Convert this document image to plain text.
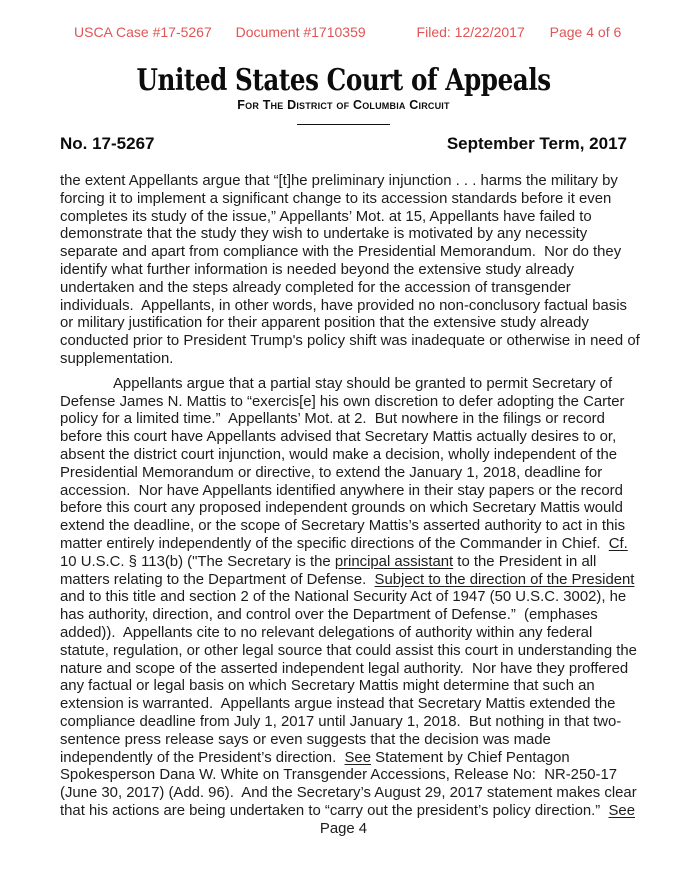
USCA Case #17-5267 Document #1710359	Filed: 12/22/2017 Page 4 of 6
United States Court of Appeals
For The District of Columbia Circuit
No. 17-5267	September Term, 2017
the extent Appellants argue that “[t]he preliminary injunction . . . harms the military by
forcing it to implement a significant change to its accession standards before it even
completes its study of the issue,” Appellants’ Mot. at 15, Appellants have failed to
demonstrate that the study they wish to undertake is motivated by any necessity
separate and apart from compliance with the Presidential Memorandum.  Nor do they
identify what further information is needed beyond the extensive study already
undertaken and the steps already completed for the accession of transgender
individuals.  Appellants, in other words, have provided no non-conclusory factual basis
or military justification for their apparent position that the extensive study already
conducted prior to President Trump's policy shift was inadequate or otherwise in need of
supplementation.
Appellants argue that a partial stay should be granted to permit Secretary of
Defense James N. Mattis to “exercis[e] his own discretion to defer adopting the Carter
policy for a limited time.”  Appellants’ Mot. at 2.  But nowhere in the filings or record
before this court have Appellants advised that Secretary Mattis actually desires to or,
absent the district court injunction, would make a decision, wholly independent of the
Presidential Memorandum or directive, to extend the January 1, 2018, deadline for
accession.  Nor have Appellants identified anywhere in their stay papers or the record
before this court any proposed independent grounds on which Secretary Mattis would
extend the deadline, or the scope of Secretary Mattis’s asserted authority to act in this
matter entirely independently of the specific directions of the Commander in Chief.  Cf.
10 U.S.C. § 113(b) ("The Secretary is the principal assistant to the President in all
matters relating to the Department of Defense.  Subject to the direction of the President
and to this title and section 2 of the National Security Act of 1947 (50 U.S.C. 3002), he
has authority, direction, and control over the Department of Defense.”  (emphases
added)).  Appellants cite to no relevant delegations of authority within any federal
statute, regulation, or other legal source that could assist this court in understanding the
nature and scope of the asserted independent legal authority.  Nor have they proffered
any factual or legal basis on which Secretary Mattis might determine that such an
extension is warranted.  Appellants argue instead that Secretary Mattis extended the
compliance deadline from July 1, 2017 until January 1, 2018.  But nothing in that two-
sentence press release says or even suggests that the decision was made
independently of the President’s direction.  See Statement by Chief Pentagon
Spokesperson Dana W. White on Transgender Accessions, Release No:  NR-250-17
(June 30, 2017) (Add. 96).  And the Secretary’s August 29, 2017 statement makes clear
that his actions are being undertaken to “carry out the president’s policy direction.”  See
Page 4
